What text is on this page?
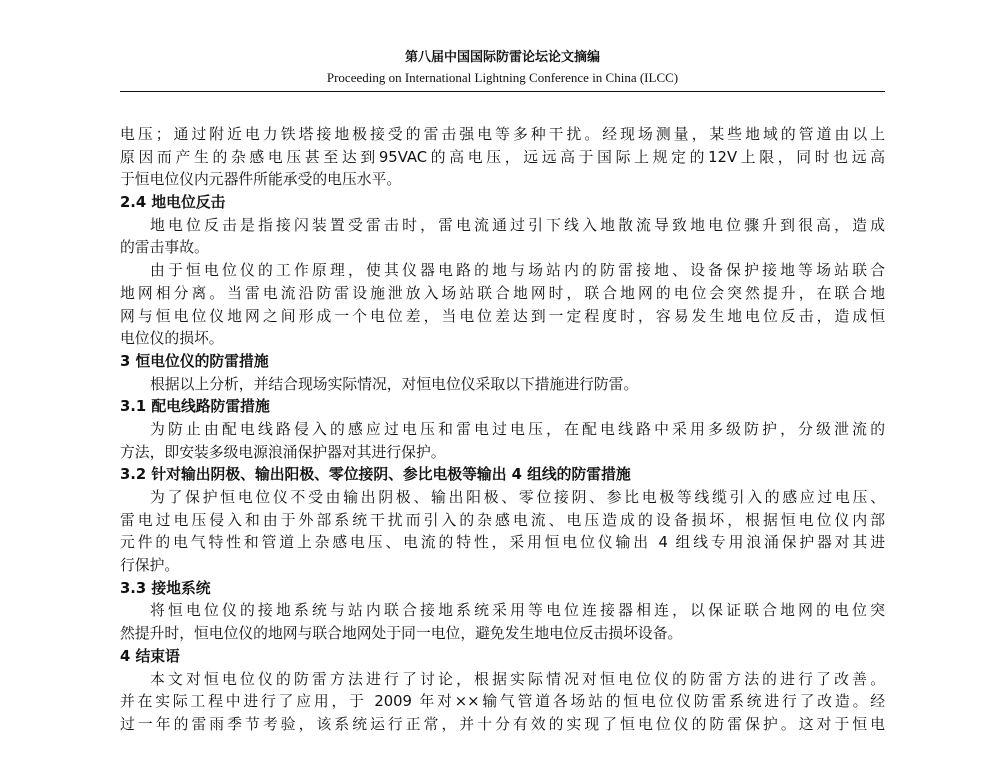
第八届中国国际防雷论坛论文摘编
Proceeding on International Lightning Conference in China (ILCC)
电压；通过附近电力铁塔接地极接受的雷击强电等多种干扰。经现场测量，某些地域的管道由以上
原因而产生的杂感电压甚至达到95VAC的高电压，远远高于国际上规定的12V上限，同时也远高
于恒电位仪内元器件所能承受的电压水平。
2.4 地电位反击
地电位反击是指接闪装置受雷击时，雷电流通过引下线入地散流导致地电位骤升到很高，造成
的雷击事故。
由于恒电位仪的工作原理，使其仪器电路的地与场站内的防雷接地、设备保护接地等场站联合
地网相分离。当雷电流沿防雷设施泄放入场站联合地网时，联合地网的电位会突然提升，在联合地
网与恒电位仪地网之间形成一个电位差，当电位差达到一定程度时，容易发生地电位反击，造成恒
电位仪的损坏。
3 恒电位仪的防雷措施
根据以上分析，并结合现场实际情况，对恒电位仪采取以下措施进行防雷。
3.1 配电线路防雷措施
为防止由配电线路侵入的感应过电压和雷电过电压，在配电线路中采用多级防护，分级泄流的
方法，即安装多级电源浪涌保护器对其进行保护。
3.2 针对输出阴极、输出阳极、零位接阴、参比电极等输出 4 组线的防雷措施
为了保护恒电位仪不受由输出阴极、输出阳极、零位接阴、参比电极等线缆引入的感应过电压、
雷电过电压侵入和由于外部系统干扰而引入的杂感电流、电压造成的设备损坏，根据恒电位仪内部
元件的电气特性和管道上杂感电压、电流的特性，采用恒电位仪输出 4 组线专用浪涌保护器对其进
行保护。
3.3 接地系统
将恒电位仪的接地系统与站内联合接地系统采用等电位连接器相连，以保证联合地网的电位突
然提升时，恒电位仪的地网与联合地网处于同一电位，避免发生地电位反击损坏设备。
4 结束语
本文对恒电位仪的防雷方法进行了讨论，根据实际情况对恒电位仪的防雷方法的进行了改善。
并在实际工程中进行了应用，于 2009 年对××输气管道各场站的恒电位仪防雷系统进行了改造。经
过一年的雷雨季节考验，该系统运行正常，并十分有效的实现了恒电位仪的防雷保护。这对于恒电
